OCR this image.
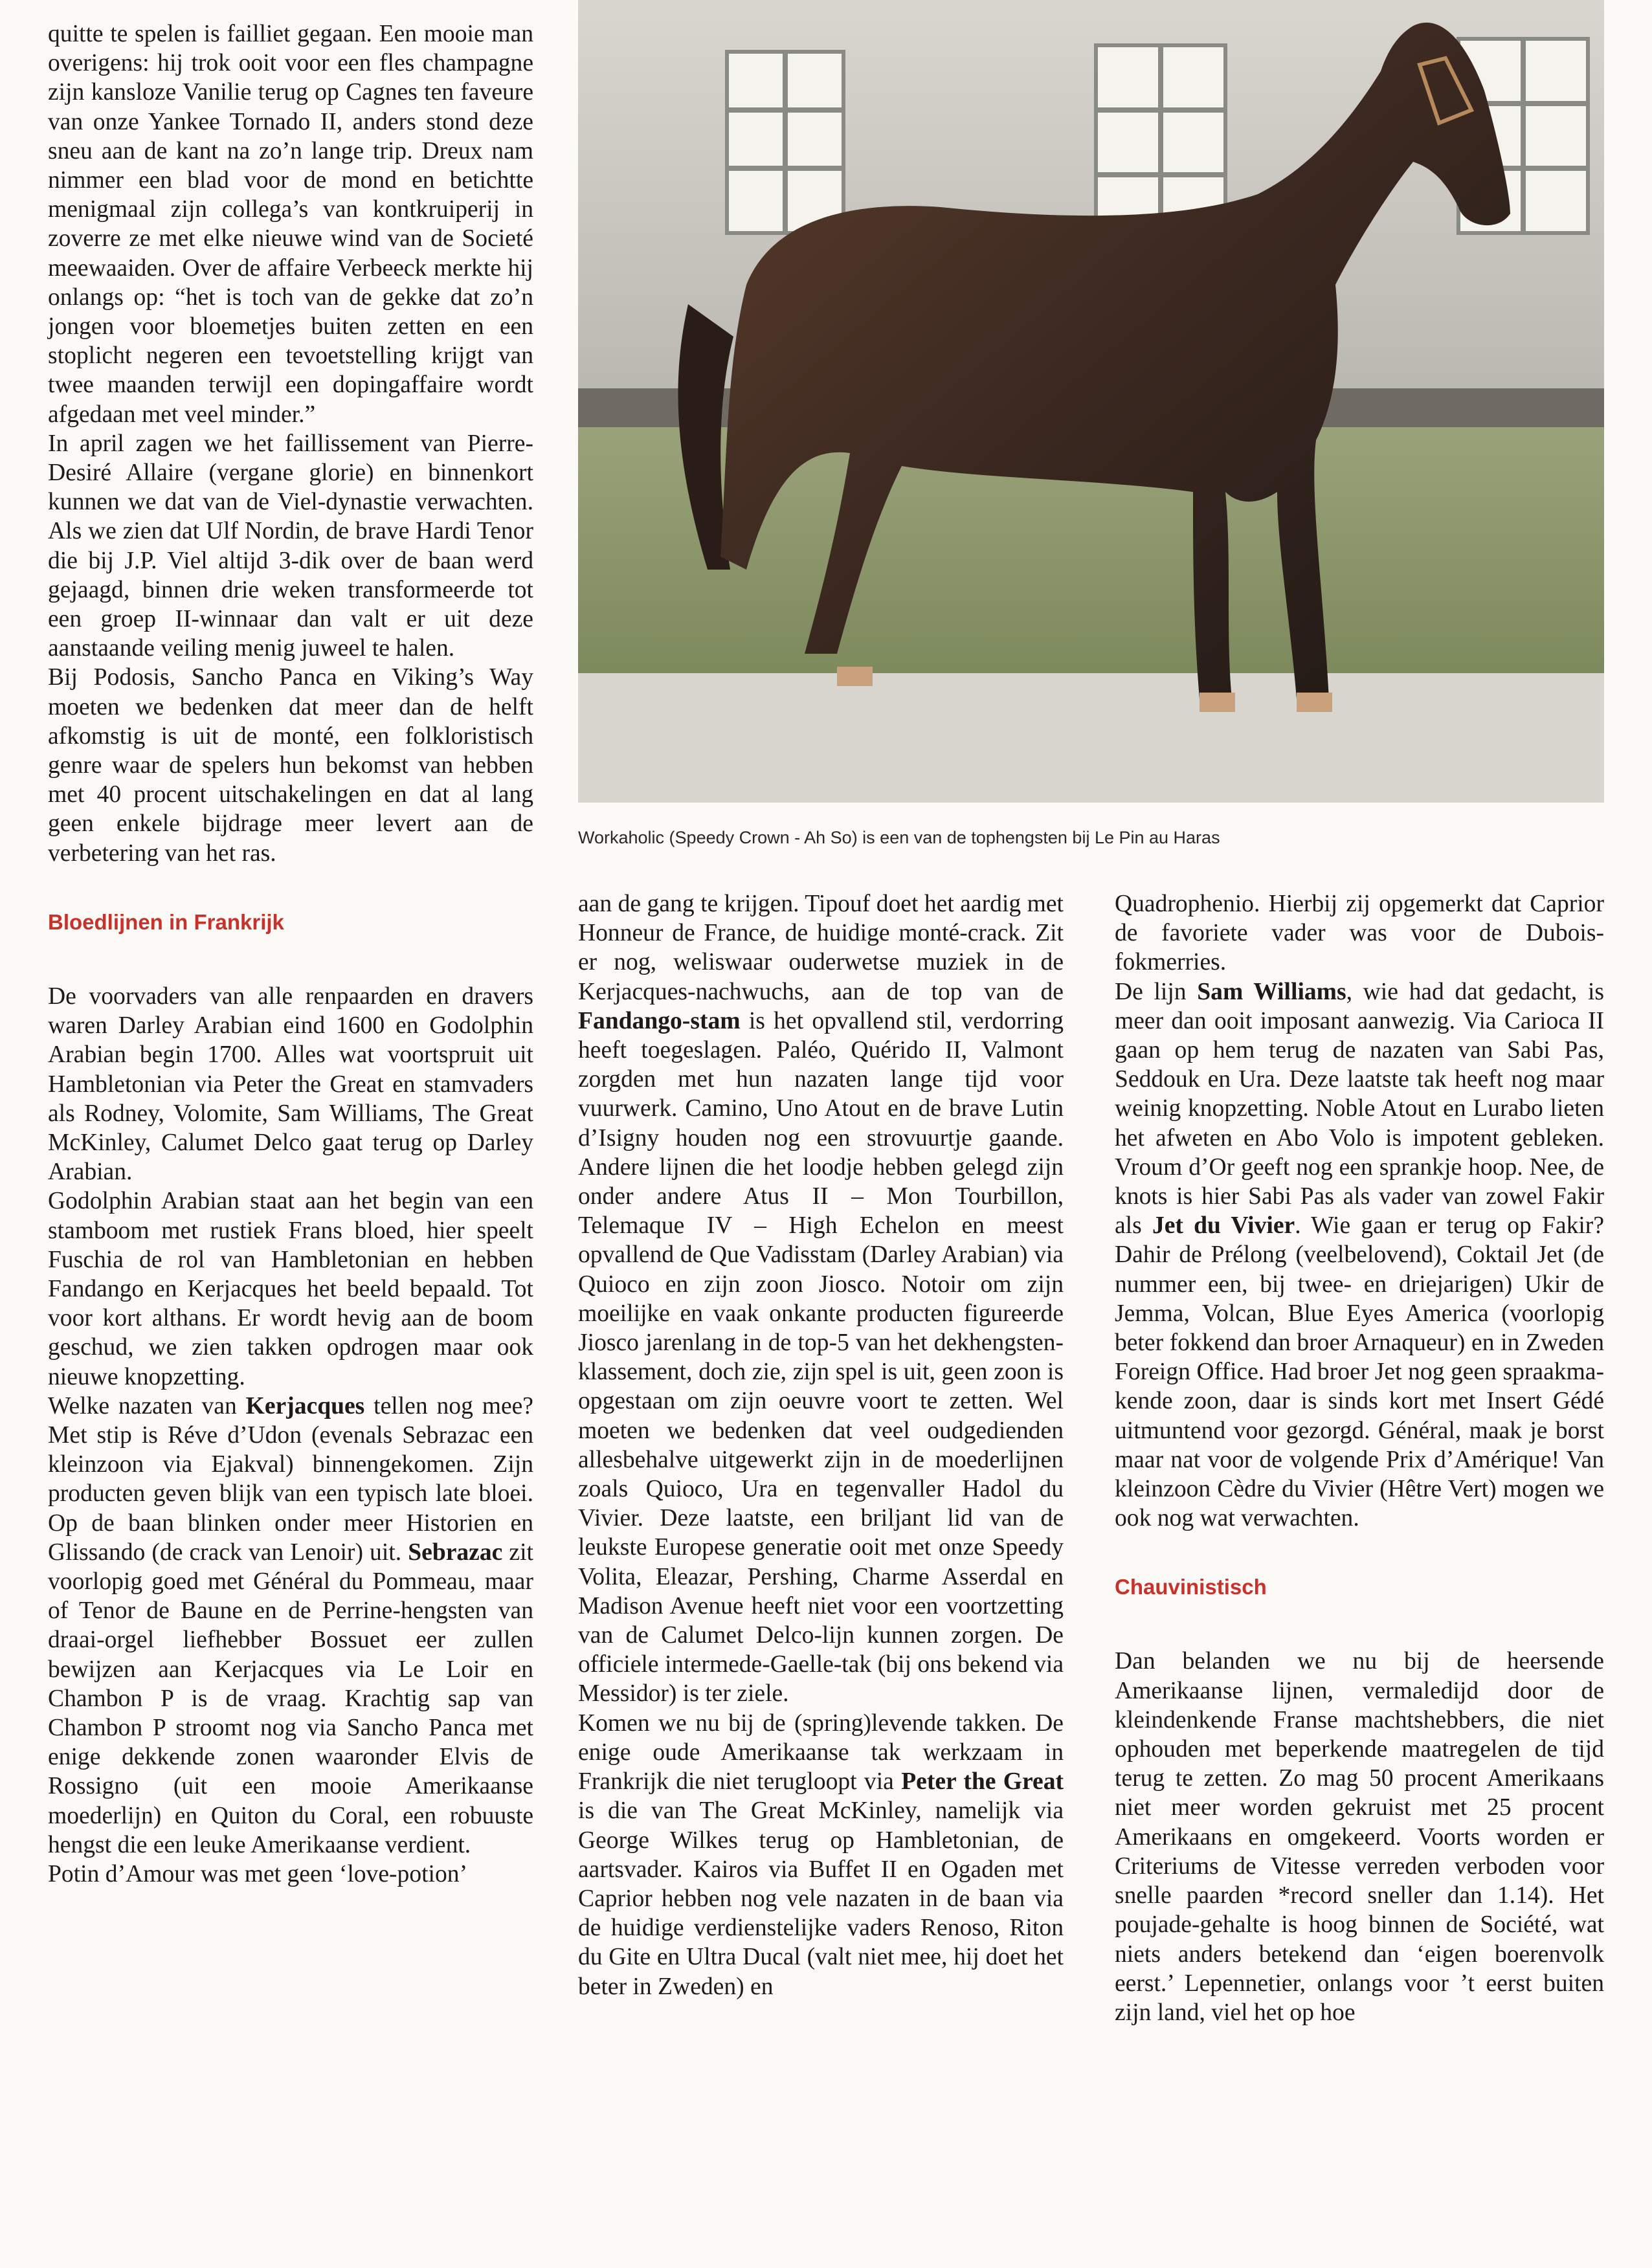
quitte te spelen is failliet gegaan. Een mooie man overigens: hij trok ooit voor een fles champagne zijn kansloze Vanilie terug op Cagnes ten faveure van onze Yankee Tornado II, anders stond deze sneu aan de kant na zo’n lange trip. Dreux nam nimmer een blad voor de mond en betichtte menigmaal zijn collega’s van kontkruiperij in zoverre ze met elke nieuwe wind van de Societé meewaaiden. Over de affaire Verbeeck merkte hij onlangs op: “het is toch van de gekke dat zo’n jongen voor bloemetjes buiten zetten en een stoplicht negeren een tevoetstelling krijgt van twee maanden terwijl een dopingaffaire wordt afgedaan met veel minder.”

In april zagen we het faillissement van Pierre-Desiré Allaire (vergane glorie) en binnenkort kunnen we dat van de Viel-dynastie verwachten. Als we zien dat Ulf Nordin, de brave Hardi Tenor die bij J.P. Viel altijd 3-dik over de baan werd gejaagd, binnen drie weken transformeerde tot een groep II-winnaar dan valt er uit deze aanstaande veiling menig juweel te halen.

Bij Podosis, Sancho Panca en Viking’s Way moeten we bedenken dat meer dan de helft afkomstig is uit de monté, een folkloristisch genre waar de spelers hun bekomst van hebben met 40 procent uitschakelingen en dat al lang geen enkele bijdrage meer levert aan de verbetering van het ras.

Bloedlijnen in Frankrijk

De voorvaders van alle renpaarden en dravers waren Darley Arabian eind 1600 en Godolphin Arabian begin 1700. Alles wat voortspruit uit Hambletonian via Peter the Great en stamvaders als Rodney, Volomite, Sam Williams, The Great McKinley, Calumet Delco gaat terug op Darley Arabian.

Godolphin Arabian staat aan het begin van een stamboom met rustiek Frans bloed, hier speelt Fuschia de rol van Hambletonian en hebben Fandango en Kerjacques het beeld bepaald. Tot voor kort althans. Er wordt hevig aan de boom geschud, we zien takken opdrogen maar ook nieuwe knopzetting.

Welke nazaten van Kerjacques tellen nog mee? Met stip is Réve d’Udon (evenals Sebrazac een kleinzoon via Ejakval) binnengekomen. Zijn producten geven blijk van een typisch late bloei. Op de baan blinken onder meer Historien en Glissando (de crack van Lenoir) uit. Sebrazac zit voorlopig goed met Général du Pommeau, maar of Tenor de Baune en de Perrine-hengsten van draai-orgel liefhebber Bossuet eer zullen bewijzen aan Kerjacques via Le Loir en Chambon P is de vraag. Krachtig sap van Chambon P stroomt nog via Sancho Panca met enige dekkende zonen waaronder Elvis de Rossigno (uit een mooie Amerikaanse moederlijn) en Quiton du Coral, een robuuste hengst die een leuke Amerikaanse verdient.

Potin d’Amour was met geen ‘love-potion’

Workaholic (Speedy Crown - Ah So) is een van de tophengsten bij Le Pin au Haras

aan de gang te krijgen. Tipouf doet het aardig met Honneur de France, de huidige monté-crack. Zit er nog, weliswaar ouderwetse muziek in de Kerjacques-nachwuchs, aan de top van de Fandango-stam is het opvallend stil, verdorring heeft toegeslagen. Paléo, Quérido II, Valmont zorgden met hun nazaten lange tijd voor vuurwerk. Camino, Uno Atout en de brave Lutin d’Isigny houden nog een strovuurtje gaande. Andere lijnen die het loodje hebben gelegd zijn onder andere Atus II – Mon Tourbillon, Telemaque IV – High Echelon en meest opvallend de Que Vadisstam (Darley Arabian) via Quioco en zijn zoon Jiosco. Notoir om zijn moeilijke en vaak onkante producten figureerde Jiosco jarenlang in de top-5 van het dekhengstenklassement, doch zie, zijn spel is uit, geen zoon is opgestaan om zijn oeuvre voort te zetten. Wel moeten we bedenken dat veel oudgedienden allesbehalve uitgewerkt zijn in de moederlijnen zoals Quioco, Ura en tegenvaller Hadol du Vivier. Deze laatste, een briljant lid van de leukste Europese generatie ooit met onze Speedy Volita, Eleazar, Pershing, Charme Asserdal en Madison Avenue heeft niet voor een voortzetting van de Calumet Delco-lijn kunnen zorgen. De officiele intermede-Gaelle-tak (bij ons bekend via Messidor) is ter ziele.

Komen we nu bij de (spring)levende takken. De enige oude Amerikaanse tak werkzaam in Frankrijk die niet terugloopt via Peter the Great is die van The Great McKinley, namelijk via George Wilkes terug op Hambletonian, de aartsvader. Kairos via Buffet II en Ogaden met Caprior hebben nog vele nazaten in de baan via de huidige verdienstelijke vaders Renoso, Riton du Gite en Ultra Ducal (valt niet mee, hij doet het beter in Zweden) en

Quadrophenio. Hierbij zij opgemerkt dat Caprior de favoriete vader was voor de Dubois-fokmerries.

De lijn Sam Williams, wie had dat gedacht, is meer dan ooit imposant aanwezig. Via Carioca II gaan op hem terug de nazaten van Sabi Pas, Seddouk en Ura. Deze laatste tak heeft nog maar weinig knopzetting. Noble Atout en Lurabo lieten het afweten en Abo Volo is impotent gebleken. Vroum d’Or geeft nog een sprankje hoop. Nee, de knots is hier Sabi Pas als vader van zowel Fakir als Jet du Vivier. Wie gaan er terug op Fakir? Dahir de Prélong (veelbelovend), Coktail Jet (de nummer een, bij twee- en driejarigen) Ukir de Jemma, Volcan, Blue Eyes America (voorlopig beter fokkend dan broer Arnaqueur) en in Zweden Foreign Office. Had broer Jet nog geen spraakmakende zoon, daar is sinds kort met Insert Gédé uitmuntend voor gezorgd. Général, maak je borst maar nat voor de volgende Prix d’Amérique! Van kleinzoon Cèdre du Vivier (Hêtre Vert) mogen we ook nog wat verwachten.

Chauvinistisch

Dan belanden we nu bij de heersende Amerikaanse lijnen, vermaledijd door de kleindenkende Franse machtshebbers, die niet ophouden met beperkende maatregelen de tijd terug te zetten. Zo mag 50 procent Amerikaans niet meer worden gekruist met 25 procent Amerikaans en omgekeerd. Voorts worden er Criteriums de Vitesse verreden verboden voor snelle paarden *record sneller dan 1.14). Het poujade-gehalte is hoog binnen de Société, wat niets anders betekend dan ‘eigen boerenvolk eerst.’ Lepennetier, onlangs voor ’t eerst buiten zijn land, viel het op hoe
